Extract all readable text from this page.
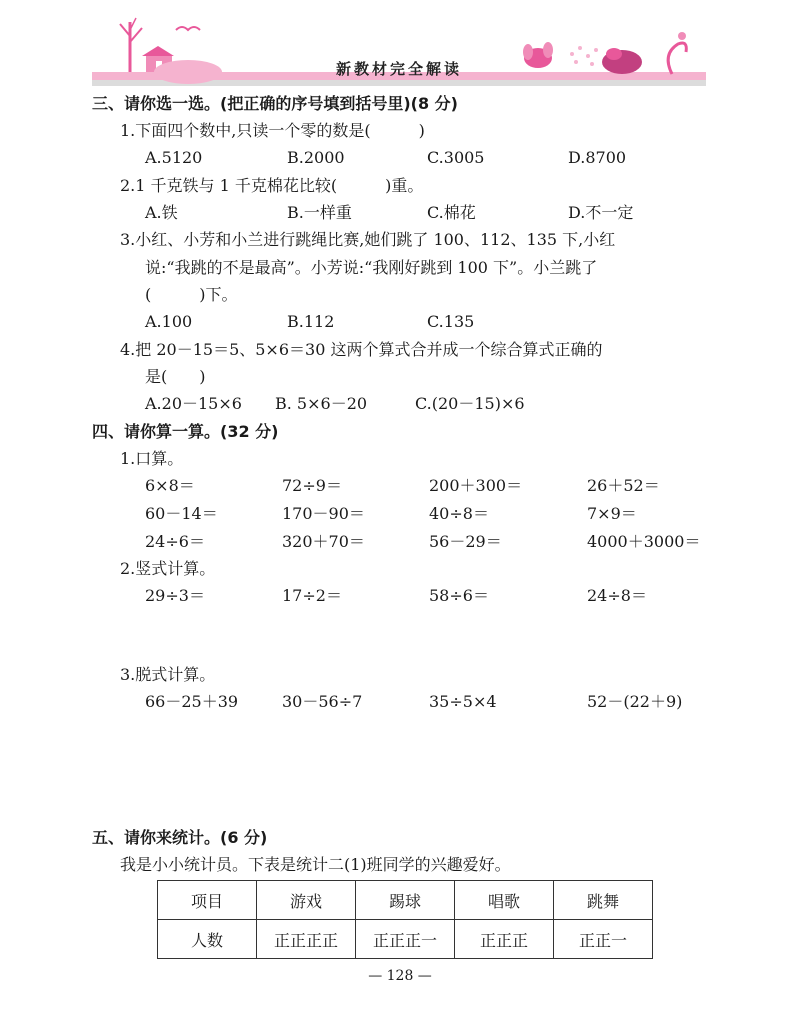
新教材完全解读
三、请你选一选。(把正确的序号填到括号里)(8 分)
1.下面四个数中,只读一个零的数是(　　　)
A.5120	B.2000	C.3005	D.8700
2.1 千克铁与 1 千克棉花比较(　　　)重。
A.铁	B.一样重	C.棉花	D.不一定
3.小红、小芳和小兰进行跳绳比赛,她们跳了 100、112、135 下,小红
说:“我跳的不是最高”。小芳说:“我刚好跳到 100 下”。小兰跳了
(　　　)下。
A.100	B.112	C.135
4.把 20－15＝5、5×6＝30 这两个算式合并成一个综合算式正确的
是(　　)
A.20－15×6 B. 5×6－20	C.(20－15)×6
四、请你算一算。(32 分)
1.口算。
6×8＝	72÷9＝	200＋300＝	26＋52＝
60－14＝	170－90＝	40÷8＝	7×9＝
24÷6＝	320＋70＝	56－29＝	4000＋3000＝
2.竖式计算。
29÷3＝	17÷2＝	58÷6＝	24÷8＝
3.脱式计算。
66－25＋39	30－56÷7	35÷5×4	52－(22＋9)
五、请你来统计。(6 分)
我是小小统计员。下表是统计二(1)班同学的兴趣爱好。
项目	游戏	踢球	唱歌	跳舞
人数	正正正正	正正正一	正正正	正正一
— 128 —
